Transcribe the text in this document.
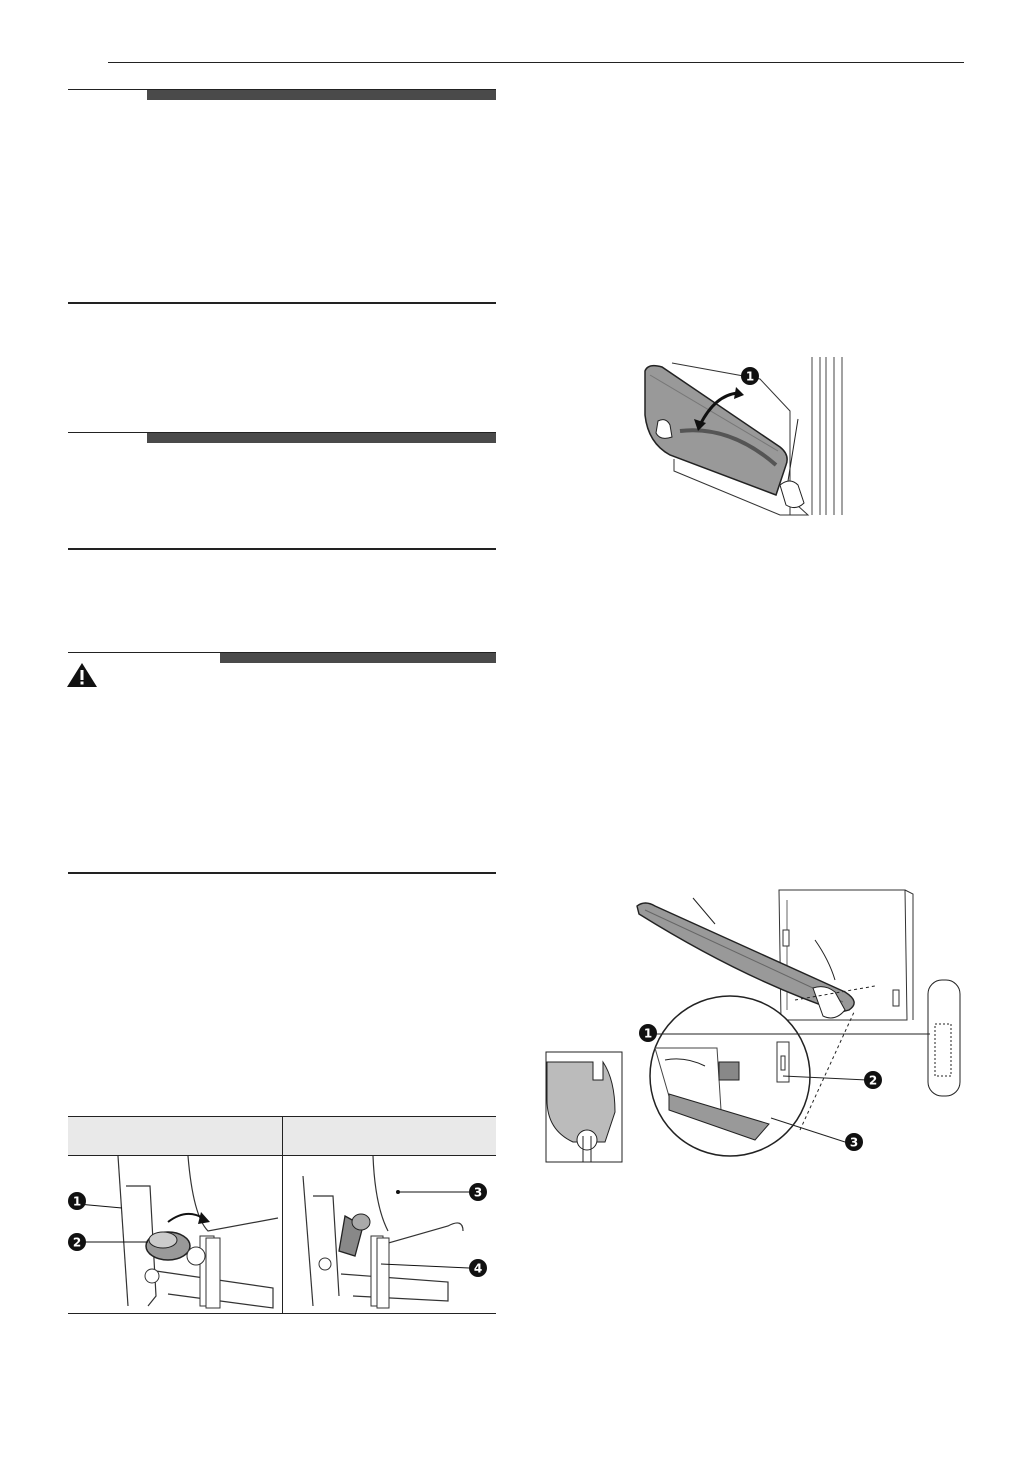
1
2
3
4
1
1
2
3
